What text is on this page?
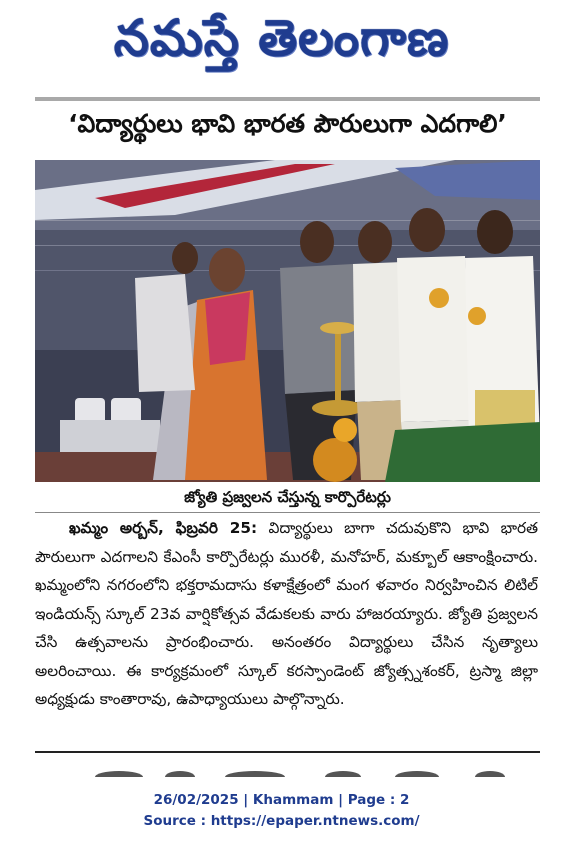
నమస్తే తెలంగాణ
‘విద్యార్థులు భావి భారత పౌరులుగా ఎదగాలి’
జ్యోతి ప్రజ్వలన చేస్తున్న కార్పొరేటర్లు

ఖమ్మం అర్బన్, ఫిబ్రవరి 25: విద్యార్థులు బాగా చదువుకొని భావి భారత పౌరులుగా ఎదగాలని కేఎంసీ కార్పొరేటర్లు మురళీ, మనోహర్, మక్బూల్ ఆకాంక్షించారు. ఖమ్మంలోని నగరంలోని భక్తరామదాసు కళాక్షేత్రంలో మంగ ళవారం నిర్వహించిన లిటిల్ ఇండియన్స్ స్కూల్ 23వ వార్షికోత్సవ వేడుకలకు వారు హాజరయ్యారు. జ్యోతి ప్రజ్వలన చేసి ఉత్సవాలను ప్రారంభించారు. అనంతరం విద్యార్థులు చేసిన నృత్యాలు అలరించాయి. ఈ కార్యక్రమంలో స్కూల్ కరస్పాండెంట్ జ్యోత్స్నశంకర్, ట్రస్మా జిల్లా అధ్యక్షుడు కాంతారావు, ఉపాధ్యాయులు పాల్గొన్నారు.

26/02/2025 | Khammam | Page : 2
Source : https://epaper.ntnews.com/
